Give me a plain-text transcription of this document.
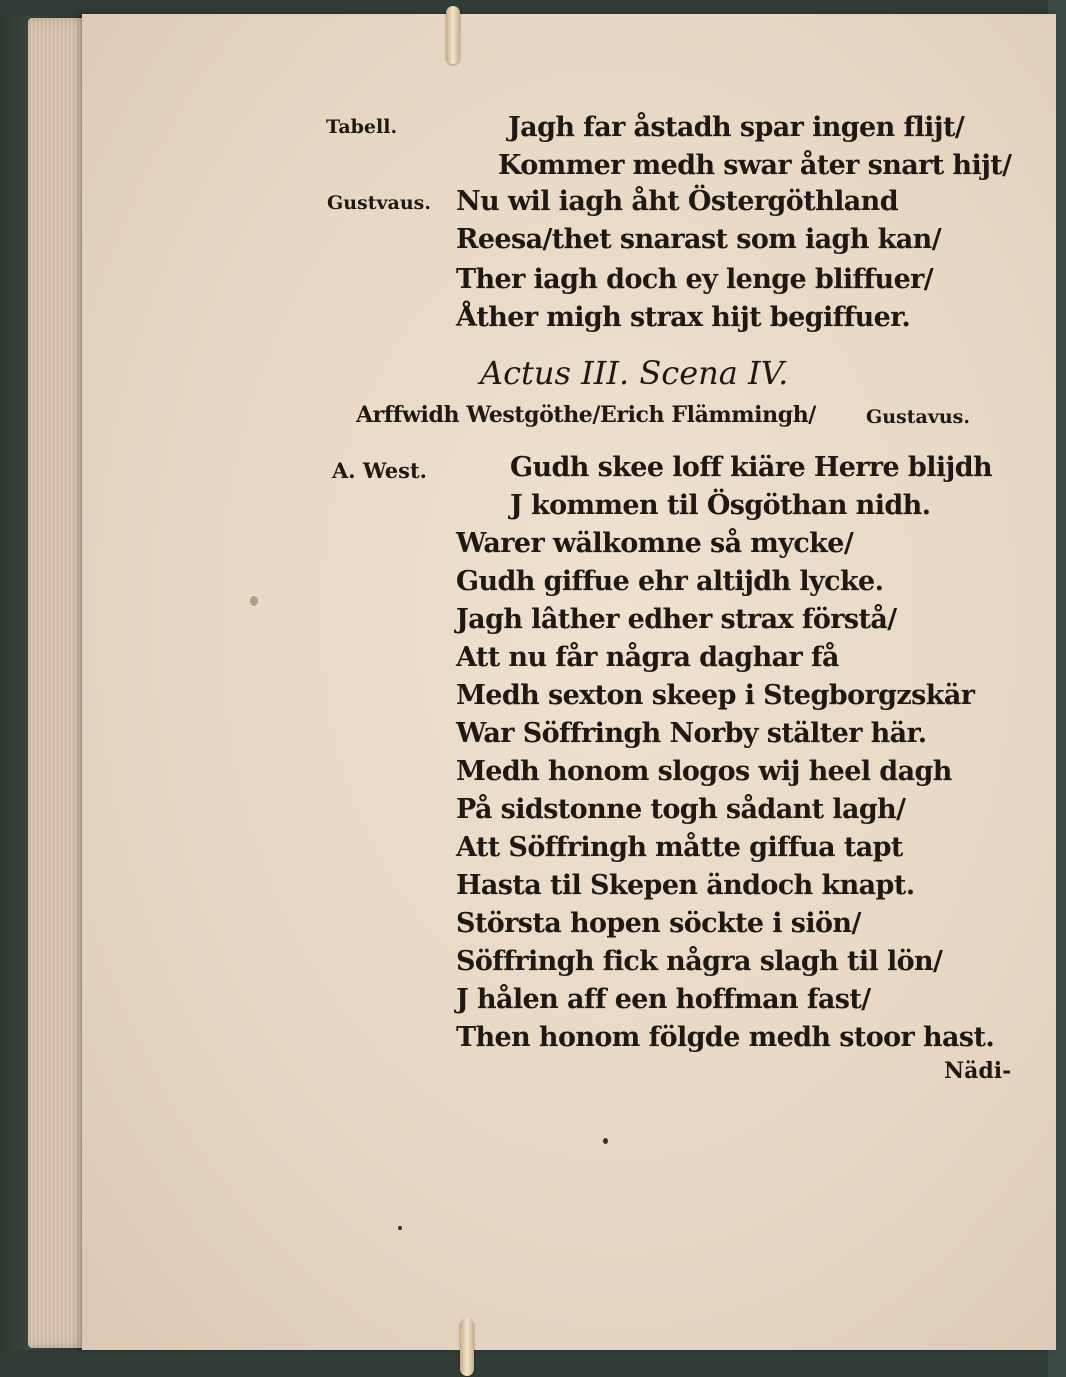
Tabell.
Gustvaus.
Jagh far åstadh spar ingen flijt/
Kommer medh swar åter snart hijt/
Nu wil iagh åht Östergöthland
Reesa/thet snarast som iagh kan/
Ther iagh doch ey lenge bliffuer/
Åther migh strax hijt begiffuer.
Actus III. Scena IV.
Arffwidh Westgöthe/Erich Flämmingh/	Gustavus.
A. West.	Gudh skee loff kiäre Herre blijdh
J kommen til Ösgöthan nidh.
Warer wälkomne så mycke/
Gudh giffue ehr altijdh lycke.
Jagh lâther edher strax förstå/
Att nu får några daghar få
Medh sexton skeep i Stegborgzskär
War Söffringh Norby stälter här.
Medh honom slogos wij heel dagh
På sidstonne togh sådant lagh/
Att Söffringh måtte giffua tapt
Hasta til Skepen ändoch knapt.
Största hopen söckte i siön/
Söffringh fick några slagh til lön/
J hålen aff een hoffman fast/
Then honom fölgde medh stoor hast.
Nädi-
